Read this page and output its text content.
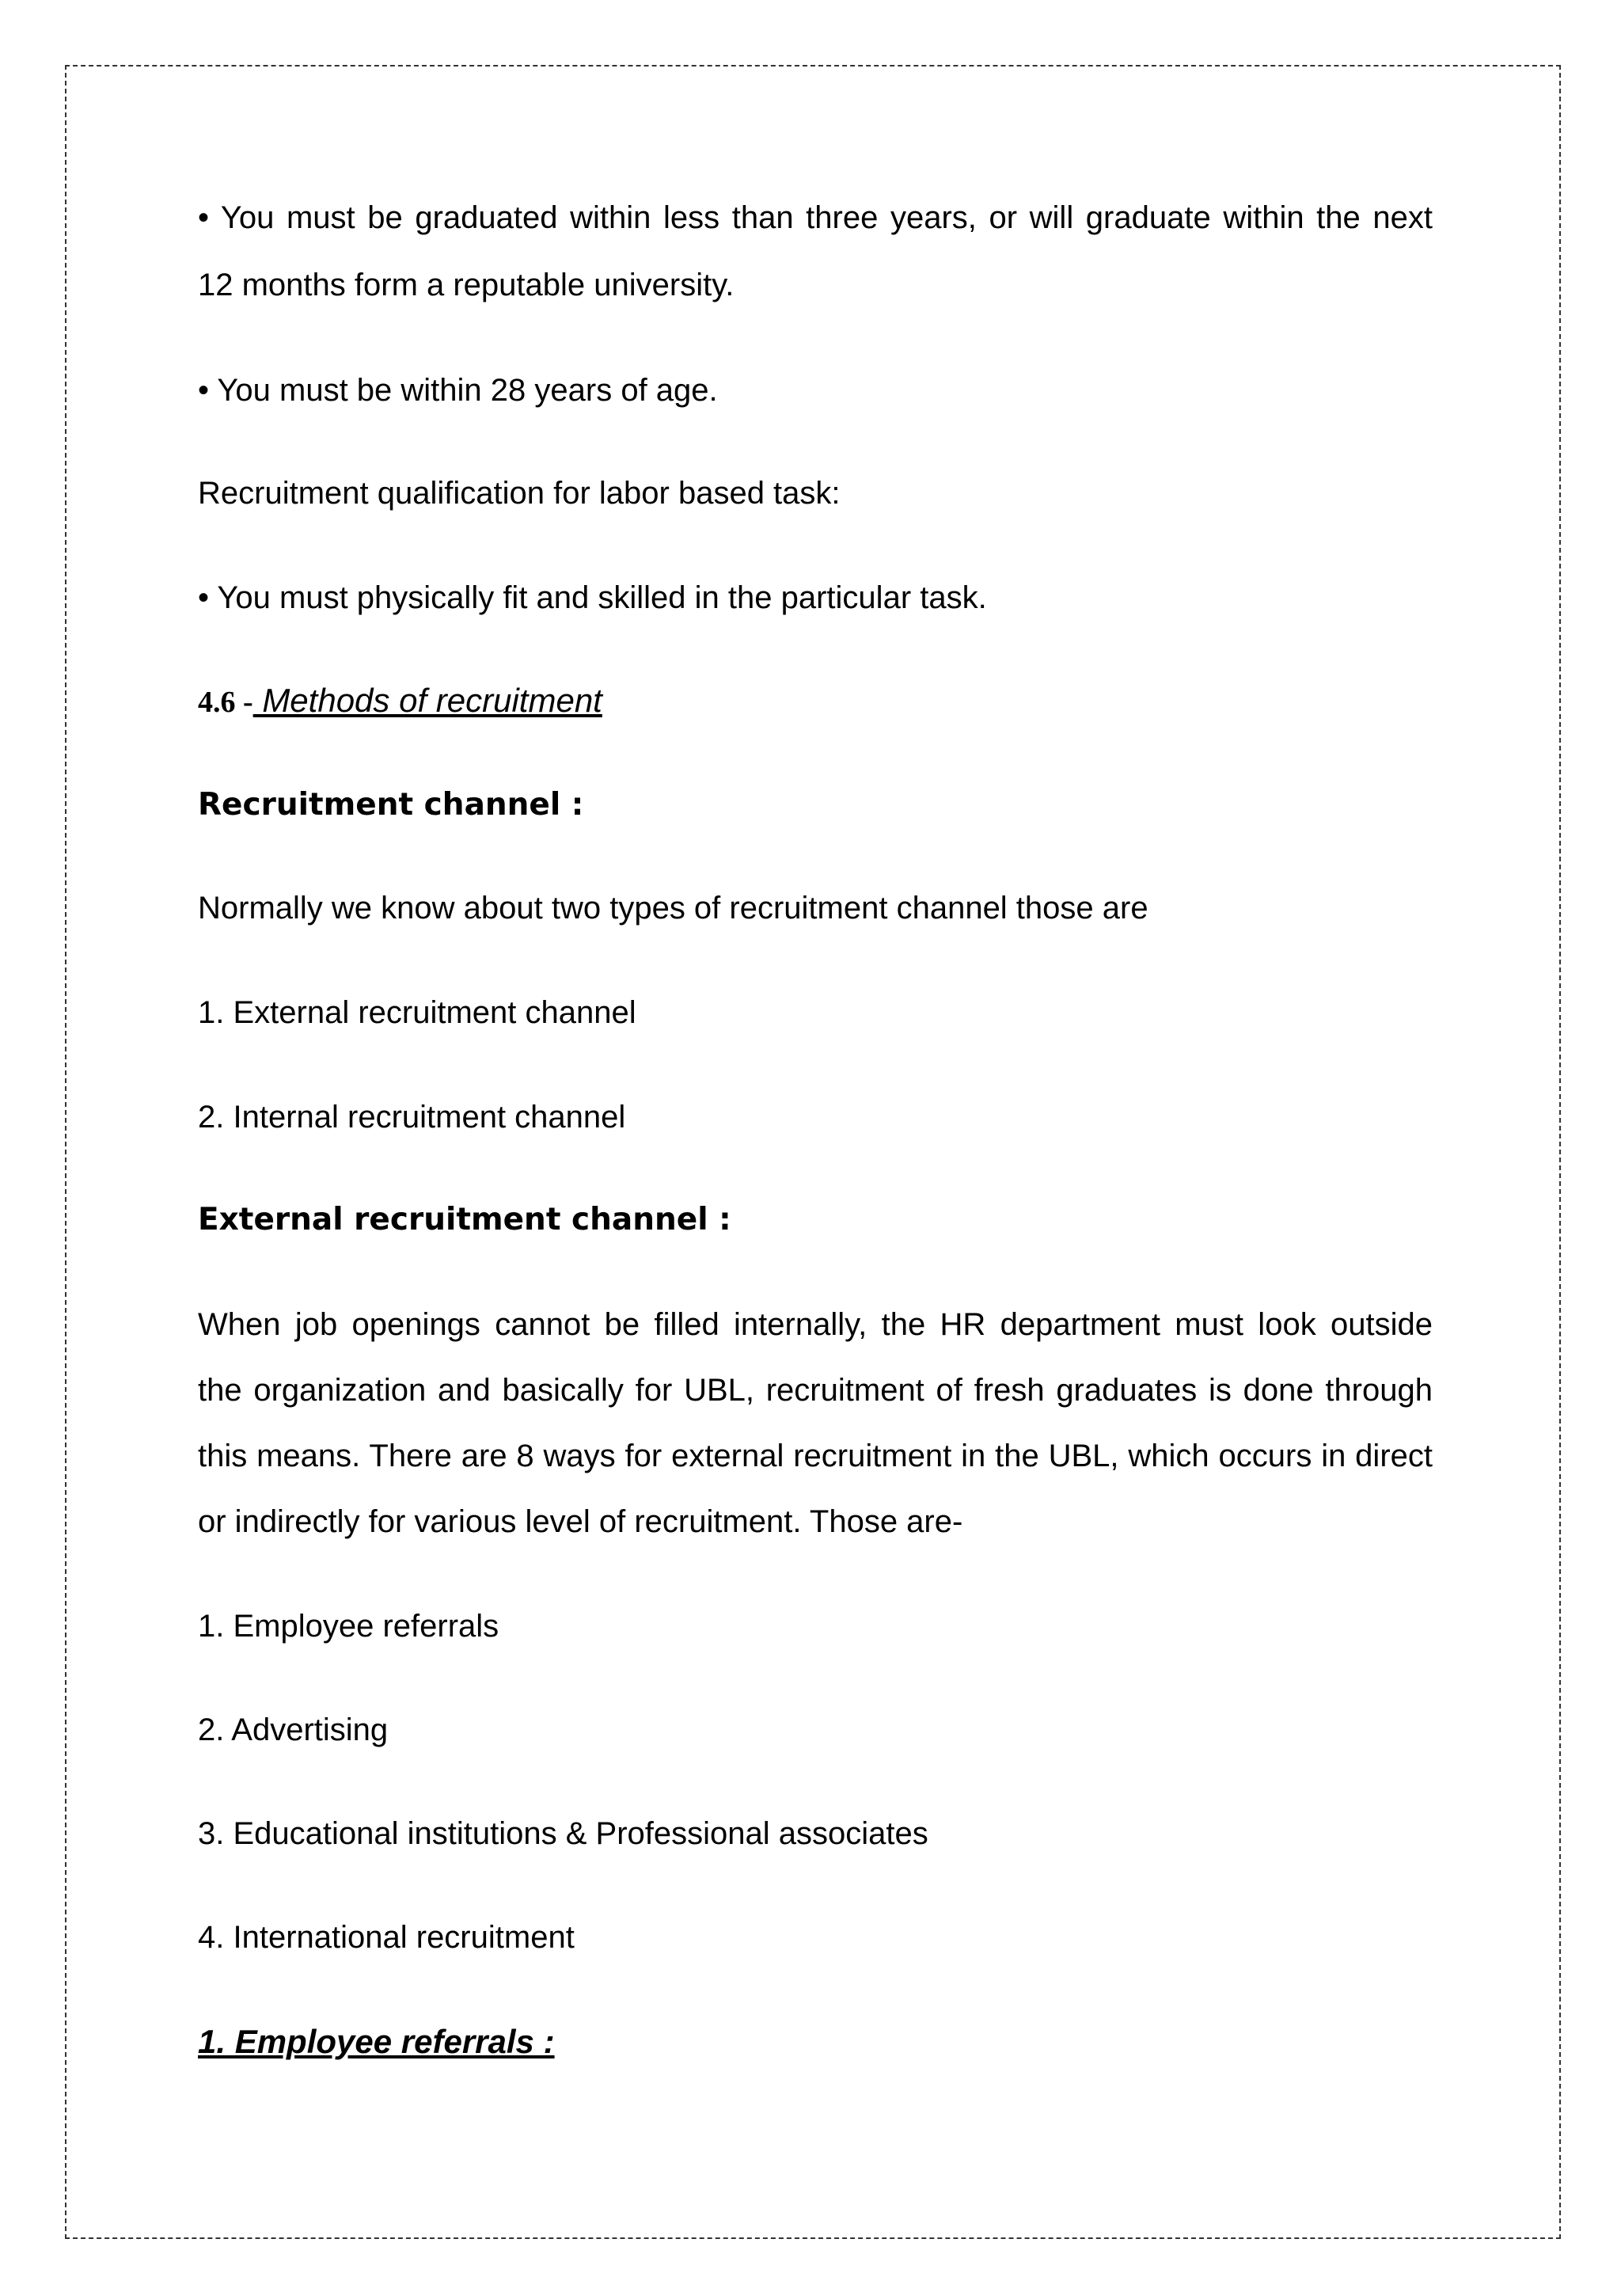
• You must be graduated within less than three years, or will graduate within the next
12 months form a reputable university.
• You must be within 28 years of age.
Recruitment qualification for labor based task:
• You must physically fit and skilled in the particular task.
4.6 - Methods of recruitment
Recruitment channel :
Normally we know about two types of recruitment channel those are
1. External recruitment channel
2. Internal recruitment channel
External recruitment channel :
When job openings cannot be filled internally, the HR department must look outside
the organization and basically for UBL, recruitment of fresh graduates is done through
this means. There are 8 ways for external recruitment in the UBL, which occurs in direct
or indirectly for various level of recruitment. Those are-
1. Employee referrals
2. Advertising
3. Educational institutions & Professional associates
4. International recruitment
1. Employee referrals :
